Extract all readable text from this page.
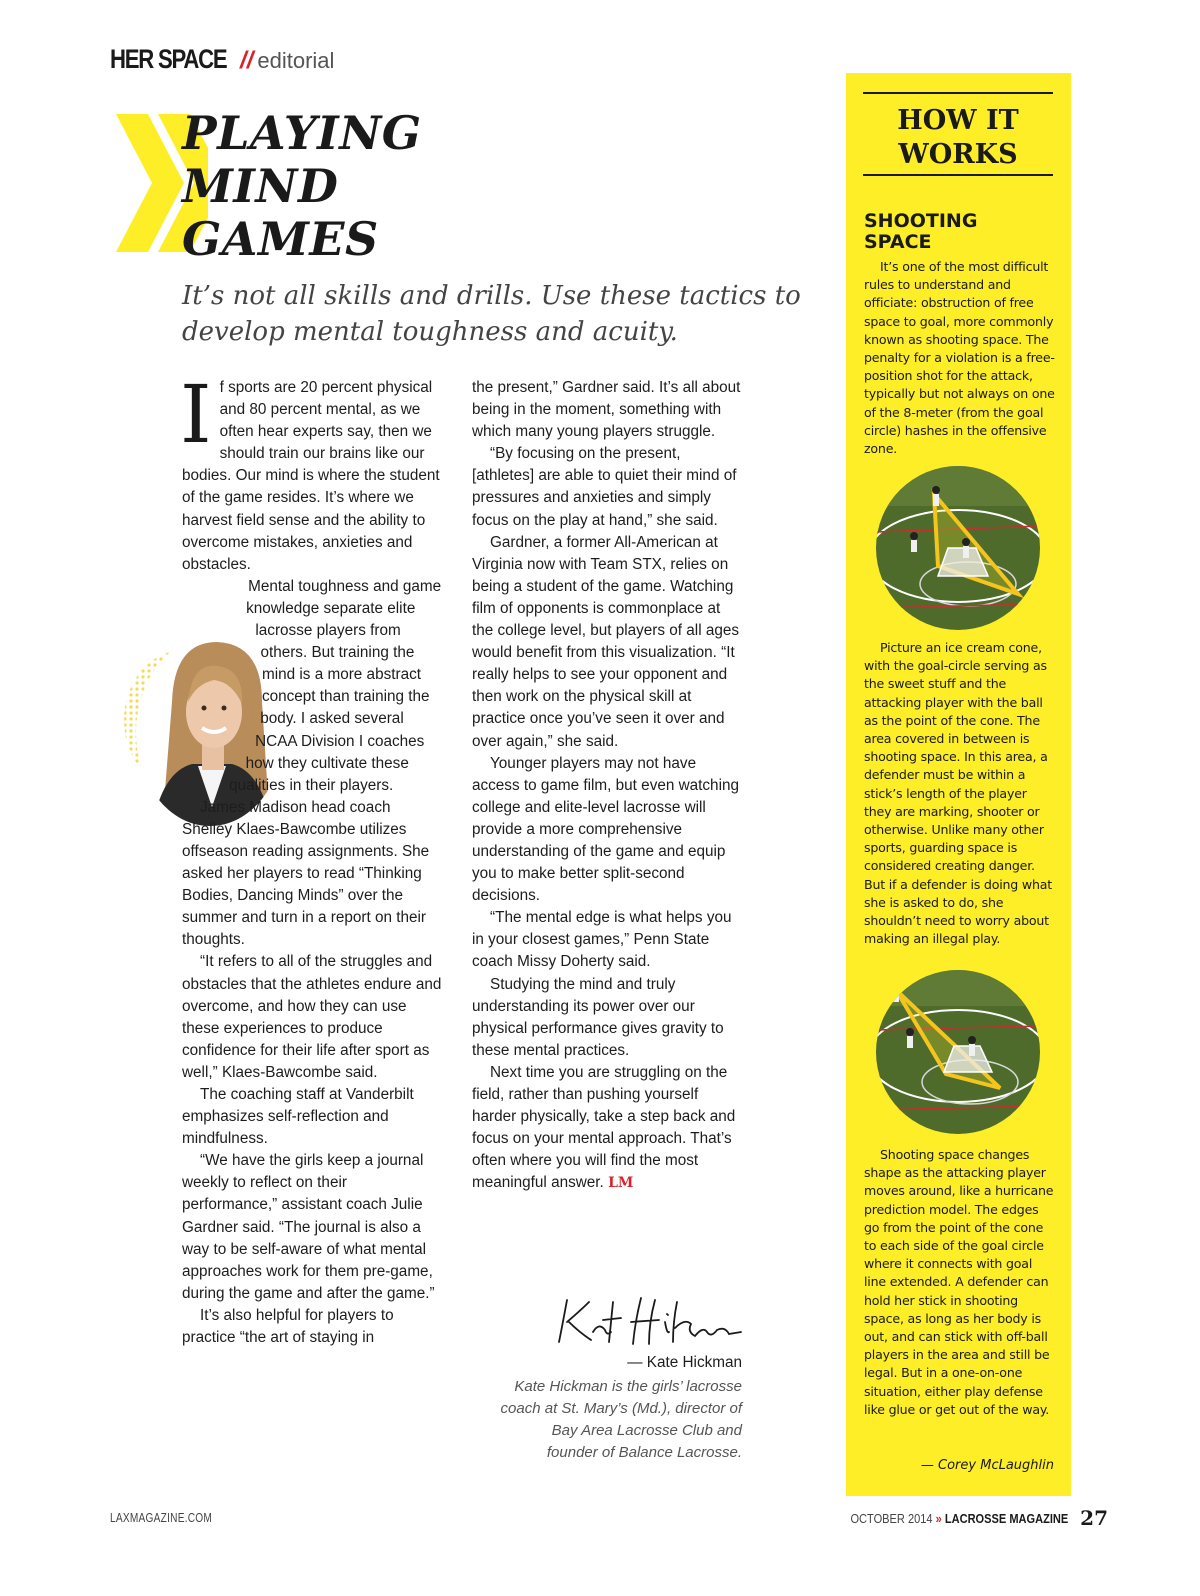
HER SPACE // editorial
PLAYING
MIND
GAMES

It’s not all skills and drills. Use these tactics to develop mental toughness and acuity.

I f sports are 20 percent physical and 80 percent mental, as we often hear experts say, then we should train our brains like our bodies. Our mind is where the student of the game resides. It’s where we harvest field sense and the ability to overcome mistakes, anxieties and obstacles.

Mental toughness and game knowledge separate elite lacrosse players from others. But training the mind is a more abstract concept than training the body. I asked several NCAA Division I coaches how they cultivate these qualities in their players.

James Madison head coach Shelley Klaes-Bawcombe utilizes offseason reading assignments. She asked her players to read “Thinking Bodies, Dancing Minds” over the summer and turn in a report on their thoughts.

“It refers to all of the struggles and obstacles that the athletes endure and overcome, and how they can use these experiences to produce confidence for their life after sport as well,” Klaes-Bawcombe said.

The coaching staff at Vanderbilt emphasizes self-reflection and mindfulness.

“We have the girls keep a journal weekly to reflect on their performance,” assistant coach Julie Gardner said. “The journal is also a way to be self-aware of what mental approaches work for them pre-game, during the game and after the game.”

It’s also helpful for players to practice “the art of staying in

the present,” Gardner said. It’s all about being in the moment, something with which many young players struggle.

“By focusing on the present, [athletes] are able to quiet their mind of pressures and anxieties and simply focus on the play at hand,” she said.

Gardner, a former All-American at Virginia now with Team STX, relies on being a student of the game. Watching film of opponents is commonplace at the college level, but players of all ages would benefit from this visualization. “It really helps to see your opponent and then work on the physical skill at practice once you’ve seen it over and over again,” she said.

Younger players may not have access to game film, but even watching college and elite-level lacrosse will provide a more comprehensive understanding of the game and equip you to make better split-second decisions.

“The mental edge is what helps you in your closest games,” Penn State coach Missy Doherty said.

Studying the mind and truly understanding its power over our physical performance gives gravity to these mental practices.

Next time you are struggling on the field, rather than pushing yourself harder physically, take a step back and focus on your mental approach. That’s often where you will find the most meaningful answer. LM

— Kate Hickman
Kate Hickman is the girls’ lacrosse coach at St. Mary’s (Md.), director of Bay Area Lacrosse Club and founder of Balance Lacrosse.
HOW IT WORKS
SHOOTING SPACE

It’s one of the most difficult rules to understand and officiate: obstruction of free space to goal, more commonly known as shooting space. The penalty for a violation is a free-position shot for the attack, typically but not always on one of the 8-meter (from the goal circle) hashes in the offensive zone.

Picture an ice cream cone, with the goal-circle serving as the sweet stuff and the attacking player with the ball as the point of the cone. The area covered in between is shooting space. In this area, a defender must be within a stick’s length of the player they are marking, shooter or otherwise. Unlike many other sports, guarding space is considered creating danger. But if a defender is doing what she is asked to do, she shouldn’t need to worry about making an illegal play.

Shooting space changes shape as the attacking player moves around, like a hurricane prediction model. The edges go from the point of the cone to each side of the goal circle where it connects with goal line extended. A defender can hold her stick in shooting space, as long as her body is out, and can stick with off-ball players in the area and still be legal. But in a one-on-one situation, either play defense like glue or get out of the way.

— Corey McLaughlin
LAXMAGAZINE.COM	OCTOBER 2014 » LACROSSE MAGAZINE 27
